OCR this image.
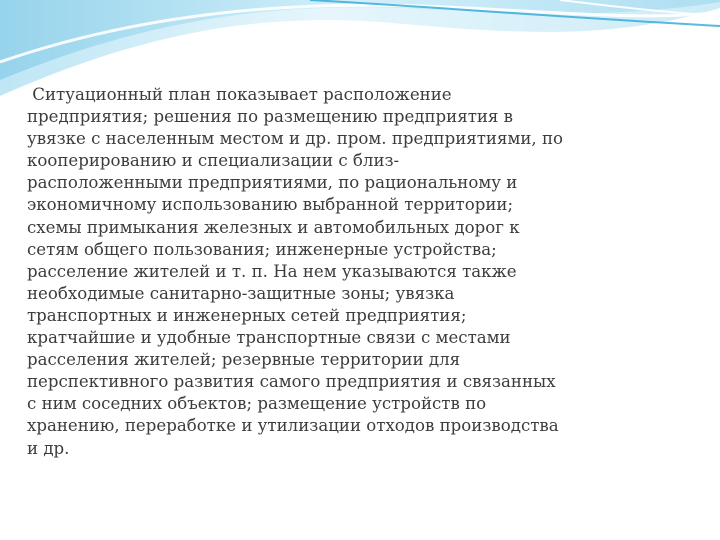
Ситуационный план показывает расположение
предприятия; решения по размещению предприятия в
увязке с населенным местом и др. пром. предприятиями, по
кооперированию и специализации с близ-
расположенными предприятиями, по рациональному и
экономичному использованию выбранной территории;
схемы примыкания железных и автомобильных дорог к
сетям общего пользования; инженерные устройства;
расселение жителей и т. п. На нем указываются также
необходимые санитарно-защитные зоны; увязка
транспортных и инженерных сетей предприятия;
кратчайшие и удобные транспортные связи с местами
расселения жителей; резервные территории для
перспективного развития самого предприятия и связанных
с ним соседних объектов; размещение устройств по
хранению, переработке и утилизации отходов производства
и др.
